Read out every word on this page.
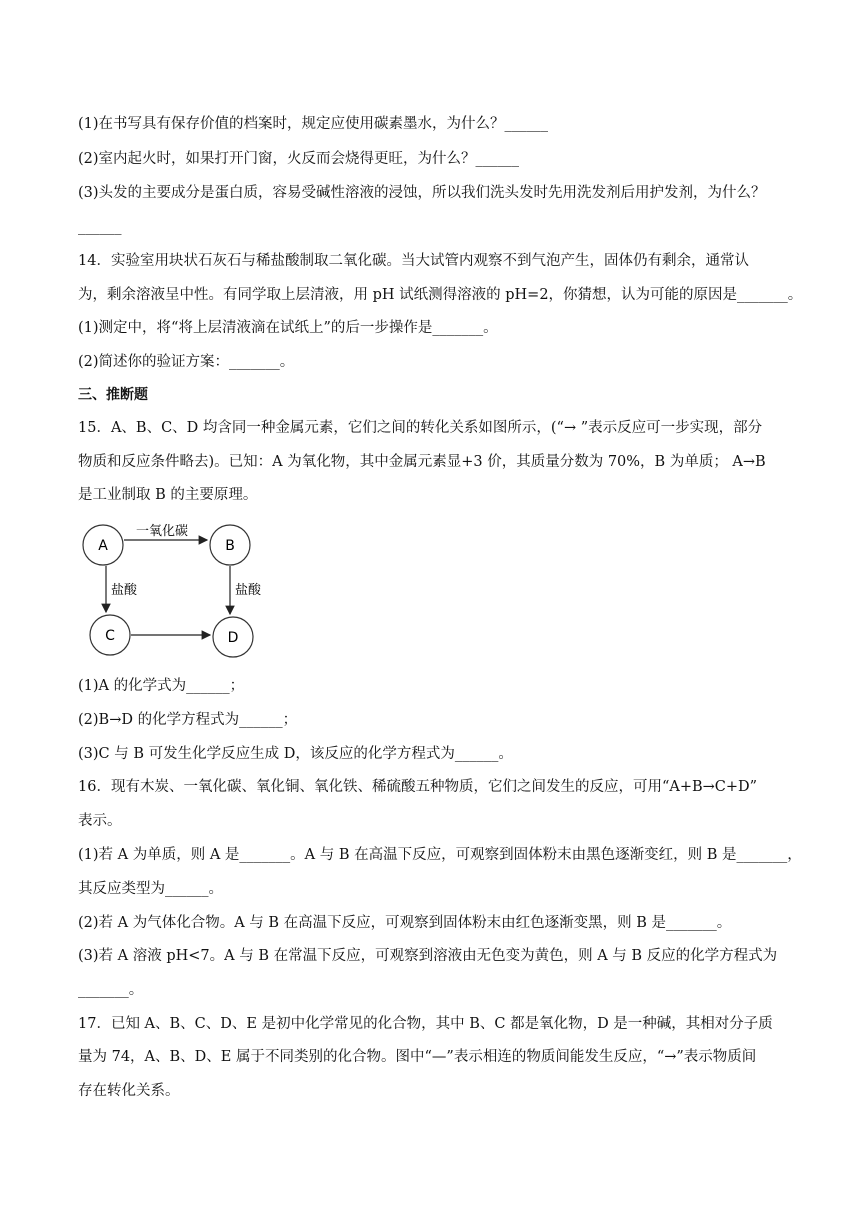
(1)在书写具有保存价值的档案时，规定应使用碳素墨水，为什么？______
(2)室内起火时，如果打开门窗，火反而会烧得更旺，为什么？______
(3)头发的主要成分是蛋白质，容易受碱性溶液的浸蚀，所以我们洗头发时先用洗发剂后用护发剂，为什么？
______
14．实验室用块状石灰石与稀盐酸制取二氧化碳。当大试管内观察不到气泡产生，固体仍有剩余，通常认
为，剩余溶液呈中性。有同学取上层清液，用 pH 试纸测得溶液的 pH=2，你猜想，认为可能的原因是_______。
(1)测定中，将“将上层清液滴在试纸上”的后一步操作是_______。
(2)简述你的验证方案：_______。
三、推断题
15．A、B、C、D 均含同一种金属元素，它们之间的转化关系如图所示，(“→ ”表示反应可一步实现，部分
物质和反应条件略去)。已知：A 为氧化物，其中金属元素显+3 价，其质量分数为 70%，B 为单质； A→B
是工业制取 B 的主要原理。
A	B
C	D
一氧化碳
盐酸	盐酸
(1)A 的化学式为______；
(2)B→D 的化学方程式为______；
(3)C 与 B 可发生化学反应生成 D，该反应的化学方程式为______。
16．现有木炭、一氧化碳、氧化铜、氧化铁、稀硫酸五种物质，它们之间发生的反应，可用“A+B→C+D”
表示。
(1)若 A 为单质，则 A 是_______。A 与 B 在高温下反应，可观察到固体粉末由黑色逐渐变红，则 B 是_______，
其反应类型为______。
(2)若 A 为气体化合物。A 与 B 在高温下反应，可观察到固体粉末由红色逐渐变黑，则 B 是_______。
(3)若 A 溶液 pH<7。A 与 B 在常温下反应，可观察到溶液由无色变为黄色，则 A 与 B 反应的化学方程式为
_______。
17．已知 A、B、C、D、E 是初中化学常见的化合物，其中 B、C 都是氧化物，D 是一种碱，其相对分子质
量为 74，A、B、D、E 属于不同类别的化合物。图中“—”表示相连的物质间能发生反应，“→”表示物质间
存在转化关系。
